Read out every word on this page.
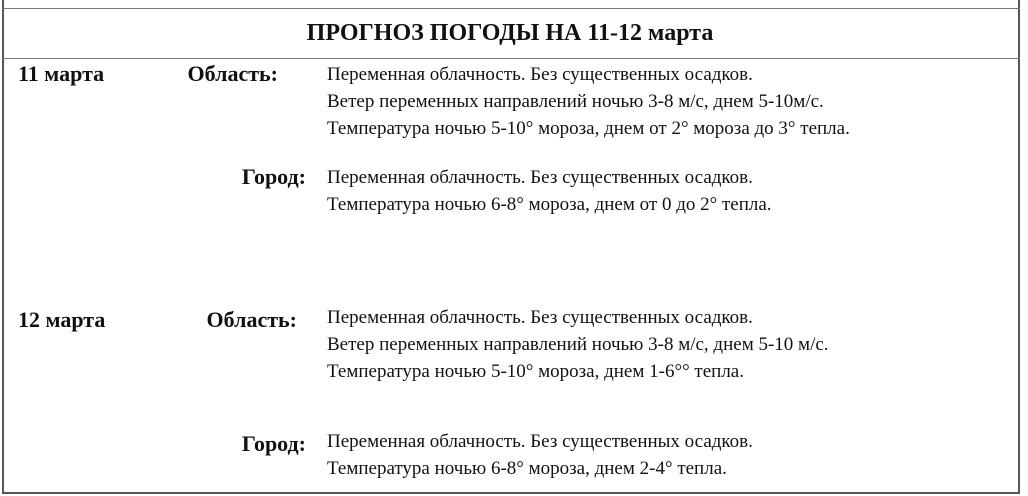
ПРОГНОЗ ПОГОДЫ НА 11-12 марта
11 марта	Область:	Переменная облачность. Без существенных осадков.
Ветер переменных направлений ночью 3-8 м/с, днем 5-10м/с.
Температура ночью 5-10° мороза, днем от 2° мороза до 3° тепла.
Город: Переменная облачность. Без существенных осадков.
Температура ночью 6-8° мороза, днем от 0 до 2° тепла.
12 марта	Область: Переменная облачность. Без существенных осадков.
Ветер переменных направлений ночью 3-8 м/с, днем 5-10 м/с.
Температура ночью 5-10° мороза, днем 1-6°° тепла.
Город: Переменная облачность. Без существенных осадков.
Температура ночью 6-8° мороза, днем 2-4° тепла.
